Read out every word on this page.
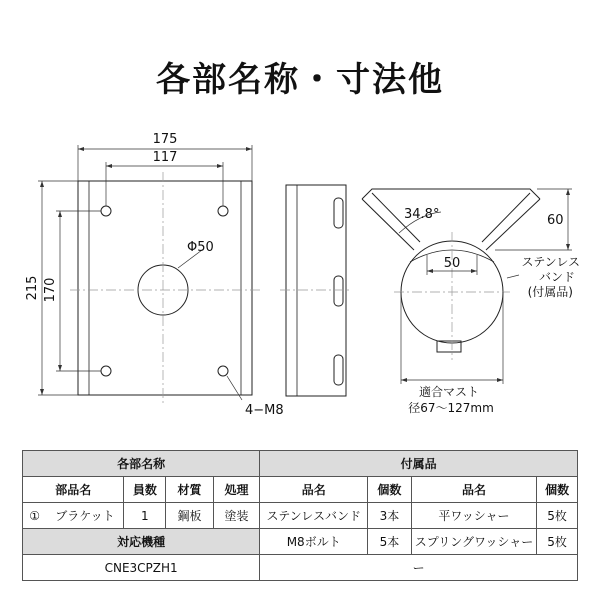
各部名称・寸法他
175
117
215 170
Φ50
4−M8
34.8°	60
50	ステンレス
バンド
(付属品)
適合マスト
径67〜127mm
各部名称					付属品			
部品名		員数	材質	処理	品名	個数	品名	個数
①	ブラケット	1	鋼板	塗装	ステンレスバンド	3本	平ワッシャー	5枚
対応機種					M8ボルト	5本	スプリングワッシャー	5枚
CNE3CPZH1					ー			
